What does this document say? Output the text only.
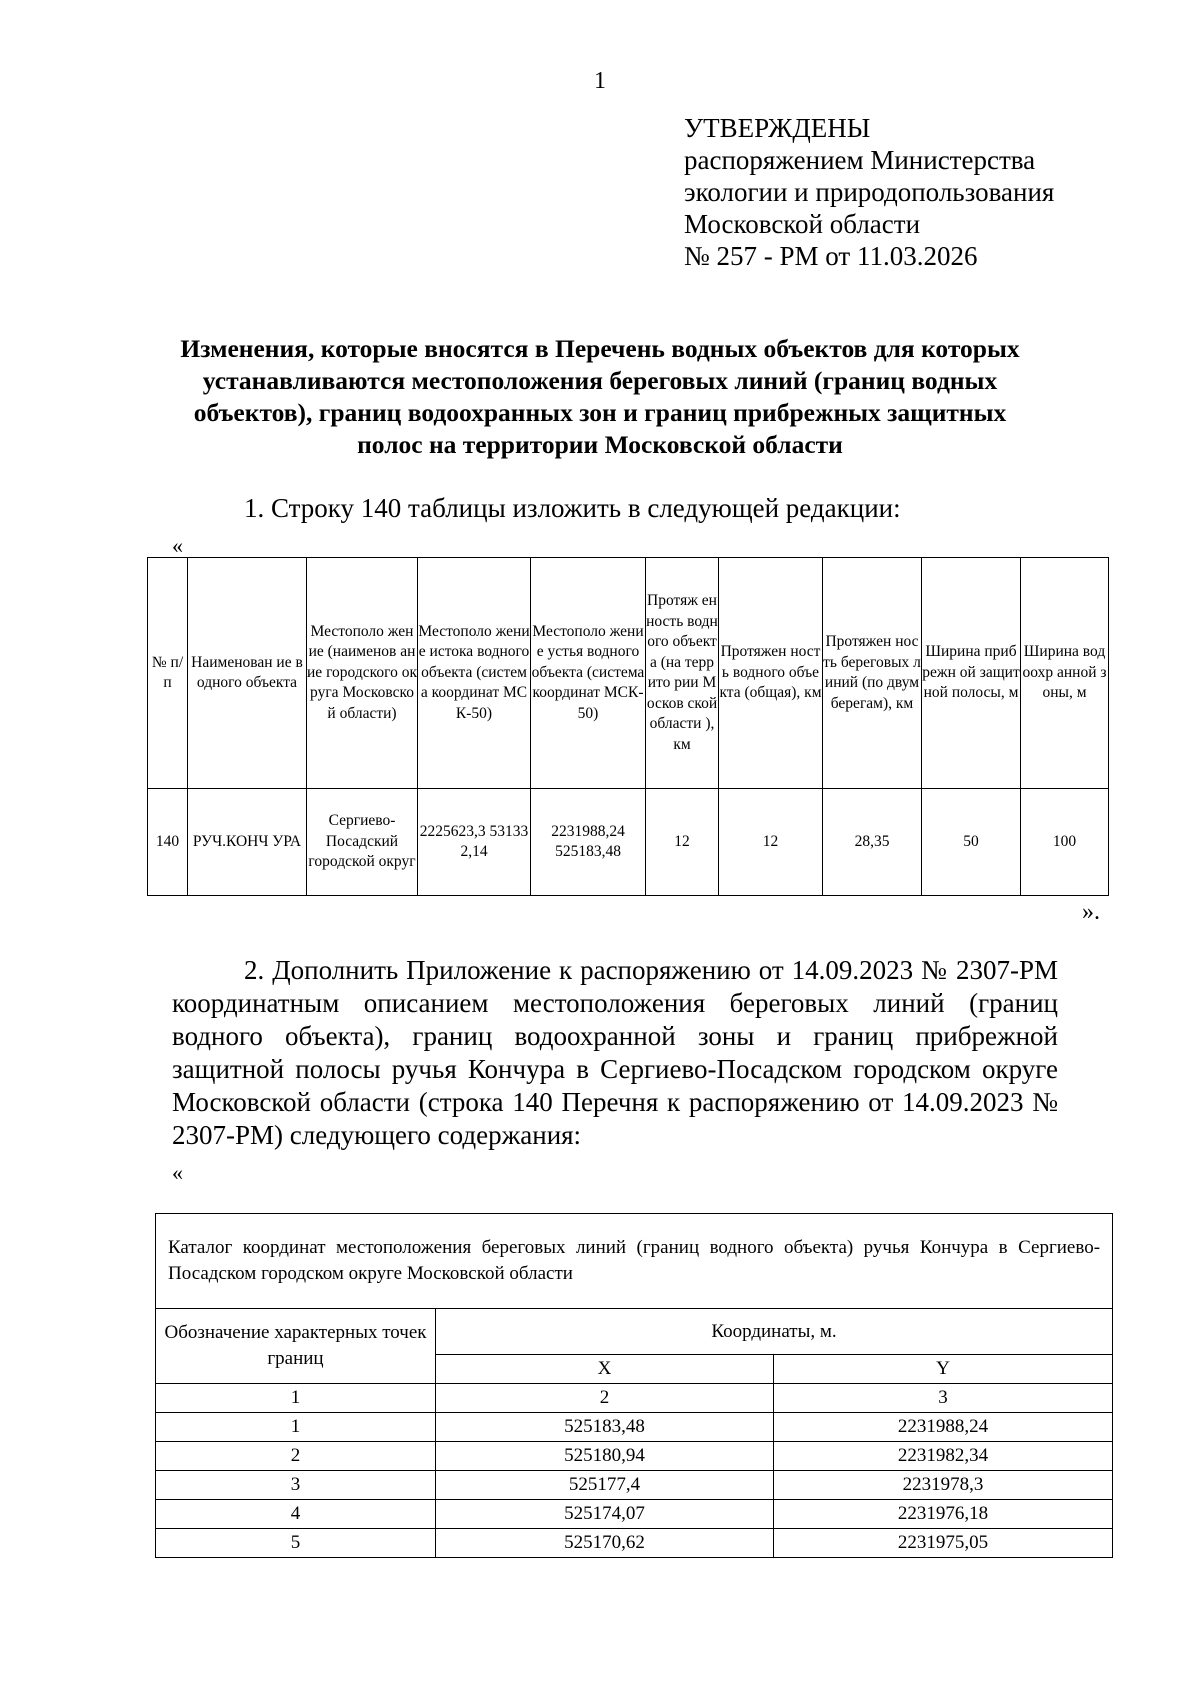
1
УТВЕРЖДЕНЫ
распоряжением Министерства
экологии и природопользования
Московской области
№ 257 - РМ от 11.03.2026
Изменения, которые вносятся в Перечень водных объектов для которых
устанавливаются местоположения береговых линий (границ водных
объектов), границ водоохранных зон и границ прибрежных защитных
полос на территории Московской области
1. Строку 140 таблицы изложить в следующей редакции:
«
№ п/п	Наименован ие водного объекта	Местополо жение (наименов ание городского округа Московско й области)	Местополо жение истока водного объекта (система координат МСК-50)	Местополо жение устья водного объекта (система координат МСК-50)	Протяж енность водного объекта (на террито рии Москов ской области ), км	Протяжен ность водного объекта (общая), км	Протяжен ность береговых линий (по двум берегам), км	Ширина прибрежн ой защитной полосы, м	Ширина водоохр анной зоны, м
140	РУЧ.КОНЧ УРА	Сергиево-Посадский городской округ	2225623,3 531332,14	2231988,24 525183,48	12	12	28,35	50	100
».
2. Дополнить Приложение к распоряжению от 14.09.2023 № 2307-РМ координатным описанием местоположения береговых линий (границ водного объекта), границ водоохранной зоны и границ прибрежной защитной полосы ручья Кончура в Сергиево-Посадском городском округе Московской области (строка 140 Перечня к распоряжению от 14.09.2023 № 2307-РМ) следующего содержания:
«
Каталог координат местоположения береговых линий (границ водного объекта) ручья Кончура в Сергиево-Посадском городском округе Московской области		
Обозначение характерных точек границ	Координаты, м.	
	X	Y
1	2	3
1	525183,48	2231988,24
2	525180,94	2231982,34
3	525177,4	2231978,3
4	525174,07	2231976,18
5	525170,62	2231975,05
